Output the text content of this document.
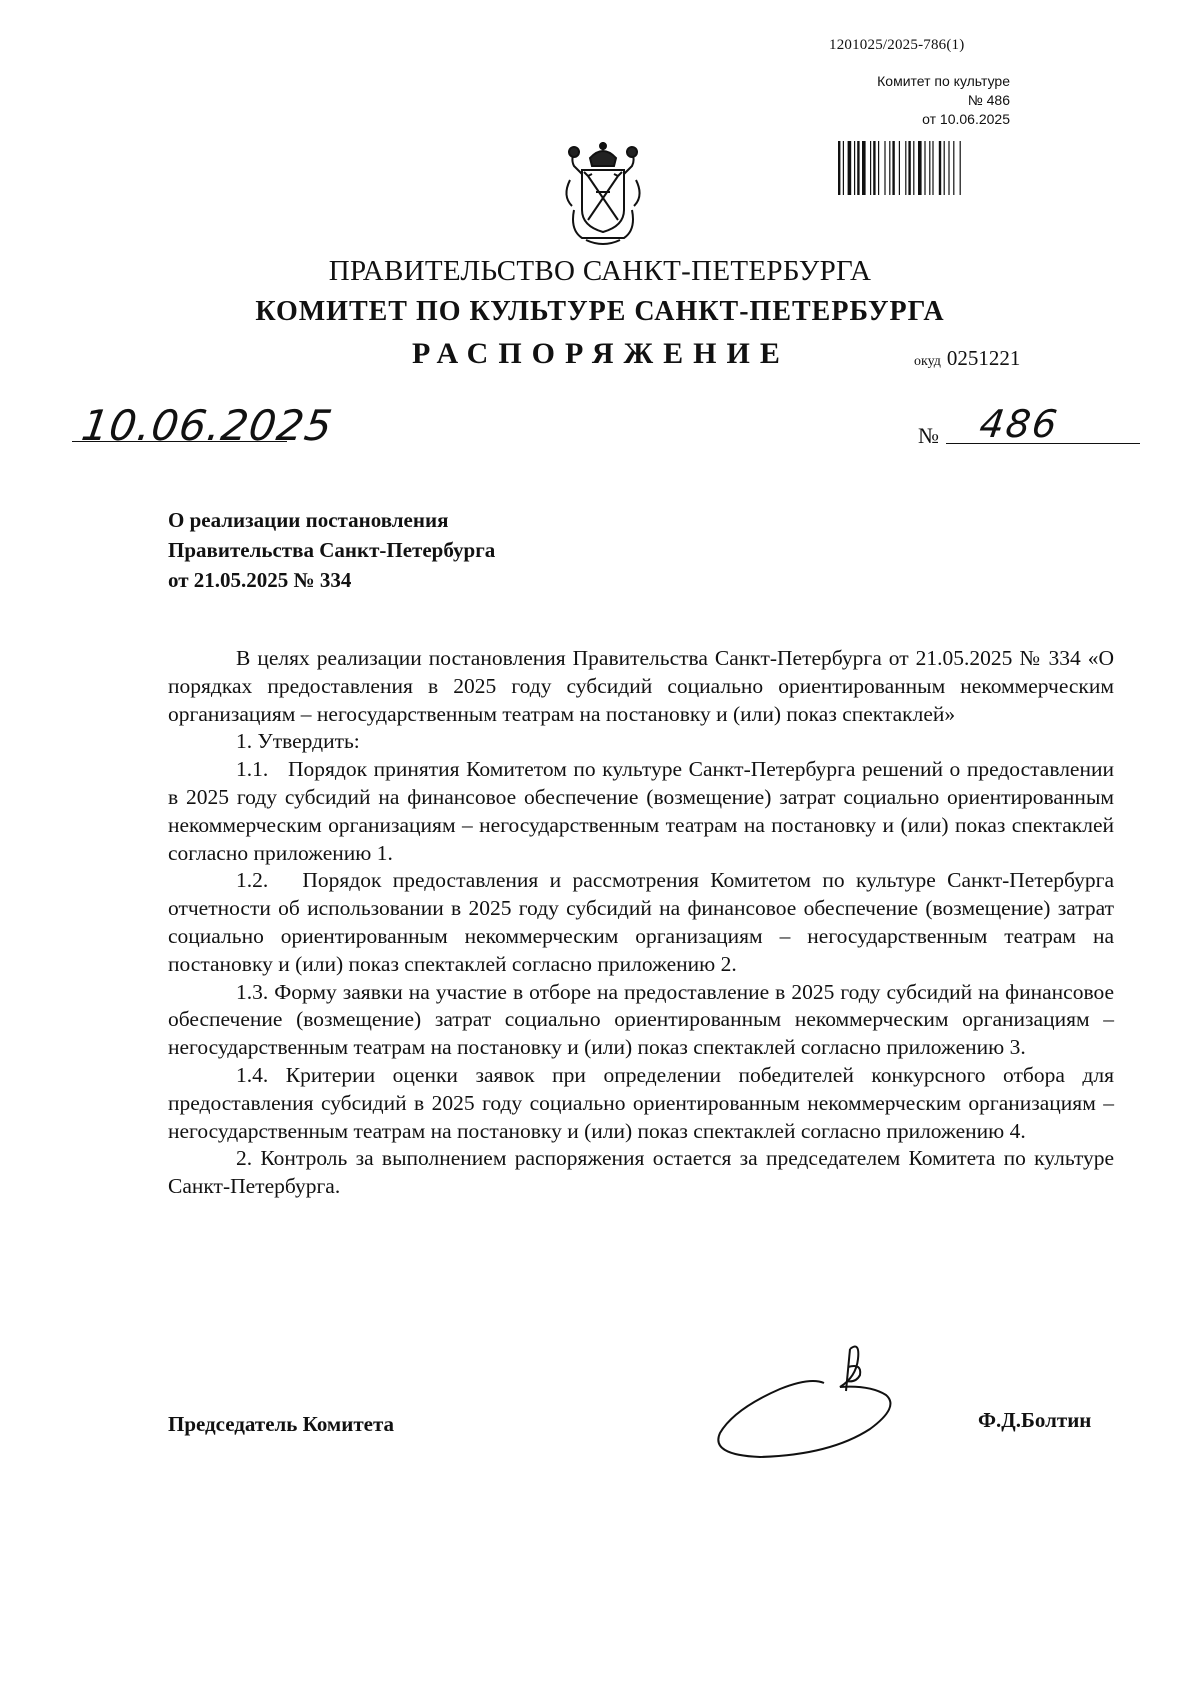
1201025/2025-786(1)
Комитет по культуре
№ 486
от 10.06.2025
ПРАВИТЕЛЬСТВО САНКТ-ПЕТЕРБУРГА
КОМИТЕТ ПО КУЛЬТУРЕ САНКТ-ПЕТЕРБУРГА
РАСПОРЯЖЕНИЕ	окуд 0251221
10.06.2025	№ 486
О реализации постановления
Правительства Санкт-Петербурга
от 21.05.2025 № 334

В целях реализации постановления Правительства Санкт-Петербурга от 21.05.2025 № 334 «О порядках предоставления в 2025 году субсидий социально ориентированным некоммерческим организациям – негосударственным театрам на постановку и (или) показ спектаклей»

1. Утвердить:

1.1.   Порядок принятия Комитетом по культуре Санкт-Петербурга решений о предоставлении в 2025 году субсидий на финансовое обеспечение (возмещение) затрат социально ориентированным некоммерческим организациям – негосударственным театрам на постановку и (или) показ спектаклей согласно приложению 1.

1.2.   Порядок предоставления и рассмотрения Комитетом по культуре Санкт-Петербурга отчетности об использовании в 2025 году субсидий на финансовое обеспечение (возмещение) затрат социально ориентированным некоммерческим организациям – негосударственным театрам на постановку и (или) показ спектаклей согласно приложению 2.

1.3. Форму заявки на участие в отборе на предоставление в 2025 году субсидий на финансовое обеспечение (возмещение) затрат социально ориентированным некоммерческим организациям – негосударственным театрам на постановку и (или) показ спектаклей согласно приложению 3.

1.4. Критерии оценки заявок при определении победителей конкурсного отбора для предоставления субсидий в 2025 году социально ориентированным некоммерческим организациям – негосударственным театрам на постановку и (или) показ спектаклей согласно приложению 4.

2. Контроль за выполнением распоряжения остается за председателем Комитета по культуре Санкт-Петербурга.

Председатель Комитета	Ф.Д.Болтин
